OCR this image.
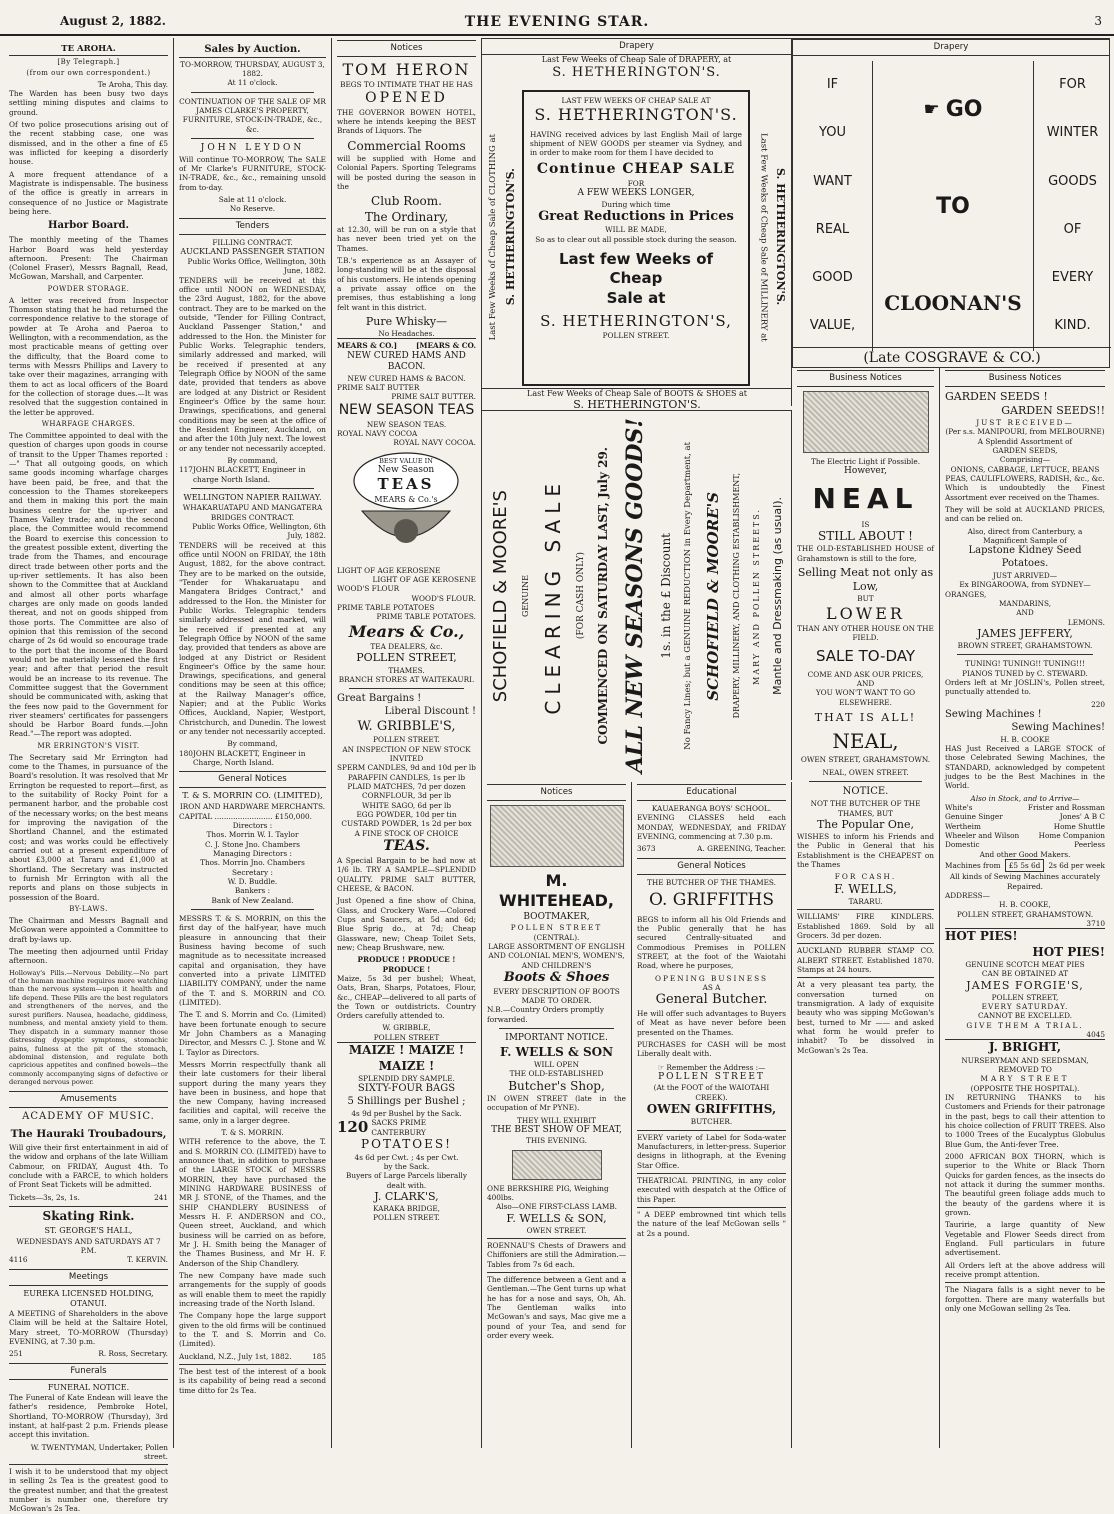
August 2, 1882.	THE EVENING STAR.	3
TE AROHA.
[By Telegraph.]
(from our own correspondent.)
Te Aroha, This day.
The Warden has been busy two days settling mining disputes and claims to ground.
Of two police prosecutions arising out of the recent stabbing case, one was dismissed, and in the other a fine of £5 was inflicted for keeping a disorderly house.
A more frequent attendance of a Magistrate is indispensable. The business of the office is greatly in arrears in consequence of no Justice or Magistrate being here.
Harbor Board.
The monthly meeting of the Thames Harbor Board was held yesterday afternoon. Present: The Chairman (Colonel Fraser), Messrs Bagnall, Read, McGowan, Marshall, and Carpenter.
POWDER STORAGE.
A letter was received from Inspector Thomson stating that he had returned the correspondence relative to the storage of powder at Te Aroha and Paeroa to Wellington, with a recommendation, as the most practicable means of getting over the difficulty, that the Board come to terms with Messrs Phillips and Lavery to take over their magazines, arranging with them to act as local officers of the Board for the collection of storage dues.—It was resolved that the suggestion contained in the letter be approved.
WHARFAGE CHARGES.
The Committee appointed to deal with the question of charges upon goods in course of transit to the Upper Thames reported :—" That all outgoing goods, on which same goods incoming wharfage charges have been paid, be free, and that the concession to the Thames storekeepers and them in making this port the main business centre for the up-river and Thames Valley trade; and, in the second place, the Committee would recommend the Board to exercise this concession to the greatest possible extent, diverting the trade from the Thames, and encourage direct trade between other ports and the up-river settlements. It has also been shown to the Committee that at Auckland and almost all other ports wharfage charges are only made on goods landed thereat, and not on goods shipped from those ports. The Committee are also of opinion that this remission of the second charge of 2s 6d would so encourage trade to the port that the income of the Board would not be materially lessened the first year; and after that period the result would be an increase to its revenue. The Committee suggest that the Government should be communicated with, asking that the fees now paid to the Government for river steamers' certificates for passengers should be Harbor Board funds.—John Read."—The report was adopted.
MR ERRINGTON'S VISIT.
The Secretary said Mr Errington had come to the Thames, in pursuance of the Board's resolution. It was resolved that Mr Errington be requested to report—first, as to the suitability of Rocky Point for a permanent harbor, and the probable cost of the necessary works; on the best means for improving the navigation of the Shortland Channel, and the estimated cost; and was works could be effectively carried out at a present expenditure of about £3,000 at Tararu and £1,000 at Shortland. The Secretary was instructed to furnish Mr Errington with all the reports and plans on those subjects in possession of the Board.
BY-LAWS.
The Chairman and Messrs Bagnall and McGowan were appointed a Committee to draft by-laws up.
The meeting then adjourned until Friday afternoon.
Holloway's Pills.—Nervous Debility.—No part of the human machine requires more watching than the nervous system—upon it health and life depend. These Pills are the best regulators and strengtheners of the nerves, and the surest purifiers. Nausea, headache, giddiness, numbness, and mental anxiety yield to them. They dispatch in a summary manner those distressing dyspeptic symptoms, stomachic pains, fulness at the pit of the stomach, abdominal distension, and regulate both capricious appetites and confined bowels—the commonly accompanying signs of defective or deranged nervous power.
Amusements
ACADEMY OF MUSIC.
The Hauraki Troubadours,
Will give their first entertainment in aid of the widow and orphans of the late William Cabmour, on FRIDAY, August 4th. To conclude with a FARCE, to which holders of Front Seat Tickets will be admitted.
Tickets—3s, 2s, 1s.	241
Skating Rink.
ST. GEORGE'S HALL,
WEDNESDAYS AND SATURDAYS AT 7 P.M.
4116	T. KERVIN.
Meetings
EUREKA LICENSED HOLDING, OTANUI.
A MEETING of Shareholders in the above Claim will be held at the Saltaire Hotel, Mary street, TO-MORROW (Thursday) EVENING, at 7.30 p.m.
251	R. Ross, Secretary.
Funerals
FUNERAL NOTICE.
The Funeral of Kate Endean will leave the father's residence, Pembroke Hotel, Shortland, TO-MORROW (Thursday), 3rd instant, at half-past 2 p.m. Friends please accept this invitation.
W. TWENTYMAN, Undertaker, Pollen street.
I wish it to be understood that my object in selling 2s Tea is the greatest good to the greatest number, and that the greatest number is number one, therefore try McGowan's 2s Tea.
Sales by Auction.
TO-MORROW, THURSDAY, AUGUST 3, 1882.
At 11 o'clock.
CONTINUATION OF THE SALE OF MR JAMES CLARKE'S PROPERTY, FURNITURE, STOCK-IN-TRADE, &c., &c.
JOHN LEYDON
Will continue TO-MORROW, The SALE of Mr Clarke's FURNITURE, STOCK-IN-TRADE, &c., &c., remaining unsold from to-day.
Sale at 11 o'clock.
No Reserve.
Tenders
FILLING CONTRACT.
AUCKLAND PASSENGER STATION
Public Works Office, Wellington, 30th June, 1882.
TENDERS will be received at this office until NOON on WEDNESDAY, the 23rd August, 1882, for the above contract. They are to be marked on the outside, "Tender for Filling Contract, Auckland Passenger Station," and addressed to the Hon. the Minister for Public Works. Telegraphic tenders, similarly addressed and marked, will be received if presented at any Telegraph Office by NOON of the same date, provided that tenders as above are lodged at any District or Resident Engineer's Office by the same hour. Drawings, specifications, and general conditions may be seen at the office of the Resident Engineer, Auckland, on and after the 10th July next. The lowest or any tender not necessarily accepted.
By command,
117 JOHN BLACKETT, Engineer in charge North Island.
WELLINGTON NAPIER RAILWAY.
WHAKARUATAPU AND MANGATERA BRIDGES CONTRACT.
Public Works Office, Wellington, 6th July, 1882.
TENDERS will be received at this office until NOON on FRIDAY, the 18th August, 1882, for the above contract. They are to be marked on the outside, "Tender for Whakaruatapu and Mangatera Bridges Contract," and addressed to the Hon. the Minister for Public Works. Telegraphic tenders similarly addressed and marked, will be received if presented at any Telegraph Office by NOON of the same day, provided that tenders as above are lodged at any District or Resident Engineer's Office by the same hour. Drawings, specifications, and general conditions may be seen at this office; at the Railway Manager's office, Napier; and at the Public Works Offices, Auckland, Napier, Westport, Christchurch, and Dunedin. The lowest or any tender not necessarily accepted.
By command,
180 JOHN BLACKETT, Engineer in Charge, North Island.
General Notices
T. & S. MORRIN CO. (LIMITED),
IRON AND HARDWARE MERCHANTS.
CAPITAL ......................... £150,000.
Directors :
Thos. Morrin W. I. Taylor
C. J. Stone Jno. Chambers
Managing Directors :
Thos. Morrin Jno. Chambers
Secretary :
W. D. Buddle.
Bankers :
Bank of New Zealand.
MESSRS T. & S. MORRIN, on this the first day of the half-year, have much pleasure in announcing that their Business having become of such magnitude as to necessitate increased capital and organisation, they have converted into a private LIMITED LIABILITY COMPANY, under the name of the T. and S. MORRIN and CO. (LIMITED).
The T. and S. Morrin and Co. (Limited) have been fortunate enough to secure Mr John Chambers as a Managing Director, and Messrs C. J. Stone and W. I. Taylor as Directors.
Messrs Morrin respectfully thank all their late customers for their liberal support during the many years they have been in business, and hope that the new Company, having increased facilities and capital, will receive the same, only in a larger degree.
T. & S. MORRIN.
WITH reference to the above, the T. and S. MORRIN CO. (LIMITED) have to announce that, in addition to purchase of the LARGE STOCK of MESSRS MORRIN, they have purchased the MINING HARDWARE BUSINESS of MR J. STONE, of the Thames, and the SHIP CHANDLERY BUSINESS of Messrs H. F. ANDERSON and CO., Queen street, Auckland, and which business will be carried on as before, Mr J. H. Smith being the Manager of the Thames Business, and Mr H. F. Anderson of the Ship Chandlery.
The new Company have made such arrangements for the supply of goods as will enable them to meet the rapidly increasing trade of the North Island.
The Company hope the large support given to the old firms will be continued to the T. and S. Morrin and Co. (Limited).
Auckland, N.Z., July 1st, 1882.	185
The best test of the interest of a book is its capability of being read a second time ditto for 2s Tea.
Notices
TOM HERON
BEGS TO INTIMATE THAT HE HAS
OPENED
THE GOVERNOR BOWEN HOTEL, where he intends keeping the BEST Brands of Liquors. The
Commercial Rooms
will be supplied with Home and Colonial Papers. Sporting Telegrams will be posted during the season in the
Club Room.
The Ordinary,
at 12.30, will be run on a style that has never been tried yet on the Thames.
T.B.'s experience as an Assayer of long-standing will be at the disposal of his customers. He intends opening a private assay office on the premises, thus establishing a long felt want in this district.
Pure Whisky—
No Headaches.
MEARS & CO.]	[MEARS & CO.
NEW CURED HAMS AND BACON.
NEW CURED HAMS & BACON.
PRIME SALT BUTTER
PRIME SALT BUTTER.
NEW SEASON TEAS
NEW SEASON TEAS.
ROYAL NAVY COCOA
ROYAL NAVY COCOA.
BEST VALUE IN
New Season
TEAS
MEARS & Co.'s
LIGHT OF AGE KEROSENE
LIGHT OF AGE KEROSENE
WOOD'S FLOUR
WOOD'S FLOUR.
PRIME TABLE POTATOES
PRIME TABLE POTATOES.
Mears & Co.,
TEA DEALERS, &c.
POLLEN STREET,
THAMES.
BRANCH STORES AT WAITEKAURI.
Great Bargains !
Liberal Discount !
W. GRIBBLE'S,
POLLEN STREET.
AN INSPECTION OF NEW STOCK INVITED
SPERM CANDLES, 9d and 10d per lb
PARAFFIN CANDLES, 1s per lb
PLAID MATCHES, 7d per dozen
CORNFLOUR, 3d per lb
WHITE SAGO, 6d per lb
EGG POWDER, 10d per tin
CUSTARD POWDER, 1s 2d per box
A FINE STOCK OF CHOICE
TEAS.
A Special Bargain to be had now at 1/6 lb. TRY A SAMPLE—SPLENDID QUALITY. PRIME SALT BUTTER, CHEESE, & BACON.
Just Opened a fine show of China, Glass, and Crockery Ware.—Colored Cups and Saucers, at 5d and 6d; Blue Sprig do., at 7d; Cheap Glassware, new; Cheap Toilet Sets, new; Cheap Brushware, new.
PRODUCE ! PRODUCE ! PRODUCE !
Maize, 5s 3d per bushel; Wheat, Oats, Bran, Sharps, Potatoes, Flour, &c., CHEAP—delivered to all parts of the Town or outdistricts. Country Orders carefully attended to.
W. GRIBBLE,
POLLEN STREET
MAIZE ! MAIZE !
MAIZE !
SPLENDID DRY SAMPLE.
SIXTY-FOUR BAGS
5 Shillings per Bushel ;
4s 9d per Bushel by the Sack.
120 SACKS PRIME CANTERBURY
POTATOES!
4s 6d per Cwt. ; 4s per Cwt.
by the Sack.
Buyers of Large Parcels liberally dealt with.
J. CLARK'S,
KARAKA BRIDGE,
POLLEN STREET.
Drapery
Last Few Weeks of Cheap Sale of DRAPERY, at
S. HETHERINGTON'S.
Last Few Weeks of Cheap Sale of CLOTHING at S. HETHERINGTON'S.	Last Few Weeks of Cheap Sale of MILLINERY at S. HETHERINGTON'S.
LAST FEW WEEKS OF CHEAP SALE AT
S. HETHERINGTON'S.
HAVING received advices by last English Mail of large shipment of NEW GOODS per steamer via Sydney, and in order to make room for them I have decided to
Continue CHEAP SALE
FOR
A FEW WEEKS LONGER,
During which time
Great Reductions in Prices
WILL BE MADE,
So as to clear out all possible stock during the season.
Last few Weeks of Cheap
Sale at
S. HETHERINGTON'S,
POLLEN STREET.
Last Few Weeks of Cheap Sale of BOOTS & SHOES at
S. HETHERINGTON'S.
SCHOFIELD & MOORE'S GENUINE CLEARING SALE (FOR CASH ONLY) COMMENCED ON SATURDAY LAST, July 29. ALL NEW SEASONS GOODS! 1s. in the £ Discount No Fancy Lines; but a GENUINE REDUCTION in Every Department, at SCHOFIELD & MOORE'S DRAPERY, MILLINERY, AND CLOTHING ESTABLISHMENT, MARY AND POLLEN STREETS. Mantle and Dressmaking (as usual).
Drapery
IF
YOU
WANT
REAL
GOOD
VALUE,
☛ GO
TO
CLOONAN'S
FOR
WINTER
GOODS
OF
EVERY
KIND.
(Late COSGRAVE & CO.)
Notices
M. WHITEHEAD,
BOOTMAKER,
POLLEN STREET
(CENTRAL).
LARGE ASSORTMENT OF ENGLISH AND COLONIAL MEN'S, WOMEN'S, AND CHILDREN'S
Boots & Shoes
EVERY DESCRIPTION OF BOOTS MADE TO ORDER.
N.B.—Country Orders promptly forwarded.
IMPORTANT NOTICE.
F. WELLS & SON
WILL OPEN
THE OLD-ESTABLISHED
Butcher's Shop,
IN OWEN STREET (late in the occupation of Mr PYNE).
THEY WILL EXHIBIT
THE BEST SHOW OF MEAT,
THIS EVENING.
ONE BERKSHIRE PIG, Weighing 400lbs.
Also—ONE FIRST-CLASS LAMB.
F. WELLS & SON,
OWEN STREET.
ROENNAU'S Chests of Drawers and Chiffoniers are still the Admiration.—Tables from 7s 6d each.
The difference between a Gent and a Gentleman.—The Gent turns up what he has for a nose and says, Oh, Ah. The Gentleman walks into McGowan's and says, Mac give me a pound of your Tea, and send for order every week.
Educational
KAUAERANGA BOYS' SCHOOL.
EVENING CLASSES held each MONDAY, WEDNESDAY, and FRIDAY EVENING, commencing at 7.30 p.m.
3673	A. GREENING, Teacher.
General Notices
THE BUTCHER OF THE THAMES.
O. GRIFFITHS
BEGS to inform all his Old Friends and the Public generally that he has secured Centrally-situated and Commodious Premises in POLLEN STREET, at the foot of the Waiotahi Road, where he purposes,
OPENING BUSINESS
AS A
General Butcher.
He will offer such advantages to Buyers of Meat as have never before been presented on the Thames.
PURCHASES for CASH will be most Liberally dealt with.
☞ Remember the Address :—
POLLEN STREET
(At the FOOT of the WAIOTAHI CREEK).
OWEN GRIFFITHS,
BUTCHER.
EVERY variety of Label for Soda-water Manufacturers, in letter-press. Superior designs in lithograph, at the Evening Star Office.
THEATRICAL PRINTING, in any color executed with despatch at the Office of this Paper.
" A DEEP embrowned tint which tells the nature of the leaf McGowan sells " at 2s a pound.
Business Notices
The Electric Light if Possible.
However,
NEAL
IS
STILL ABOUT !
THE OLD-ESTABLISHED HOUSE of Grahamstown is still to the fore,
Selling Meat not only as Low,
BUT
LOWER
THAN ANY OTHER HOUSE ON THE FIELD.
SALE TO-DAY
COME AND ASK OUR PRICES,
AND
YOU WON'T WANT TO GO ELSEWHERE.
THAT IS ALL!
NEAL,
OWEN STREET, GRAHAMSTOWN.
NEAL, OWEN STREET.
NOTICE.
NOT THE BUTCHER OF THE THAMES, BUT
The Popular One,
WISHES to inform his Friends and the Public in General that his Establishment is the CHEAPEST on the Thames
FOR CASH.
F. WELLS,
TARARU.
WILLIAMS' FIRE KINDLERS. Established 1869. Sold by all Grocers. 3d per dozen.
AUCKLAND RUBBER STAMP CO. ALBERT STREET. Established 1870. Stamps at 24 hours.
At a very pleasant tea party, the conversation turned on transmigration. A lady of exquisite beauty who was sipping McGowan's best, turned to Mr —— and asked what form he would prefer to inhabit? To be dissolved in McGowan's 2s Tea.
Business Notices
GARDEN SEEDS !
GARDEN SEEDS!!
JUST RECEIVED—
(Per s.s. MANIPOURI, from MELBOURNE)
A Splendid Assortment of
GARDEN SEEDS,
Comprising—
ONIONS, CABBAGE, LETTUCE, BEANS PEAS, CAULIFLOWERS, RADISH, &c., &c.
Which is undoubtedly the Finest Assortment ever received on the Thames.
They will be sold at AUCKLAND PRICES, and can be relied on.
Also, direct from Canterbury, a Magnificent Sample of
Lapstone Kidney Seed Potatoes.
JUST ARRIVED—
Ex BINGAROOWA, from SYDNEY—
ORANGES,
MANDARINS,
AND
LEMONS.
JAMES JEFFERY,
BROWN STREET, GRAHAMSTOWN.
TUNING! TUNING!! TUNING!!!
PIANOS TUNED by C. STEWARD.
Orders left at Mr JOSLIN's, Pollen street, punctually attended to.
220
Sewing Machines !
Sewing Machines!
H. B. COOKE
HAS Just Received a LARGE STOCK of those Celebrated Sewing Machines, the STANDARD, acknowledged by competent judges to be the Best Machines in the World.
Also in Stock, and to Arrive—
White's	Frister and Rossman
Genuine Singer	Jones' A B C
Wertheim	Home Shuttle
Wheeler and Wilson	Home Companion
Domestic	Peerless
And other Good Makers.
Machines from	£5 5s 6d	2s 6d per week
All kinds of Sewing Machines accurately Repaired.
ADDRESS—
H. B. COOKE,
POLLEN STREET, GRAHAMSTOWN.
3710
HOT PIES!
HOT PIES!
GENUINE SCOTCH MEAT PIES
CAN BE OBTAINED AT
JAMES FORGIE'S,
POLLEN STREET,
EVERY SATURDAY.
CANNOT BE EXCELLED.
GIVE THEM A TRIAL.
4045
J. BRIGHT,
NURSERYMAN AND SEEDSMAN,
REMOVED TO
MARY STREET
(OPPOSITE THE HOSPITAL).
IN RETURNING THANKS to his Customers and Friends for their patronage in the past, begs to call their attention to his choice collection of FRUIT TREES. Also to 1000 Trees of the Eucalyptus Globulus Blue Gum, the Anti-fever Tree.
2000 AFRICAN BOX THORN, which is superior to the White or Black Thorn Quicks for garden fences, as the insects do not attack it during the summer months. The beautiful green foliage adds much to the beauty of the gardens where it is grown.
Tauririe, a large quantity of New Vegetable and Flower Seeds direct from England. Full particulars in future advertisement.
All Orders left at the above address will receive prompt attention.
The Niagara falls is a sight never to be forgotten. There are many waterfalls but only one McGowan selling 2s Tea.
